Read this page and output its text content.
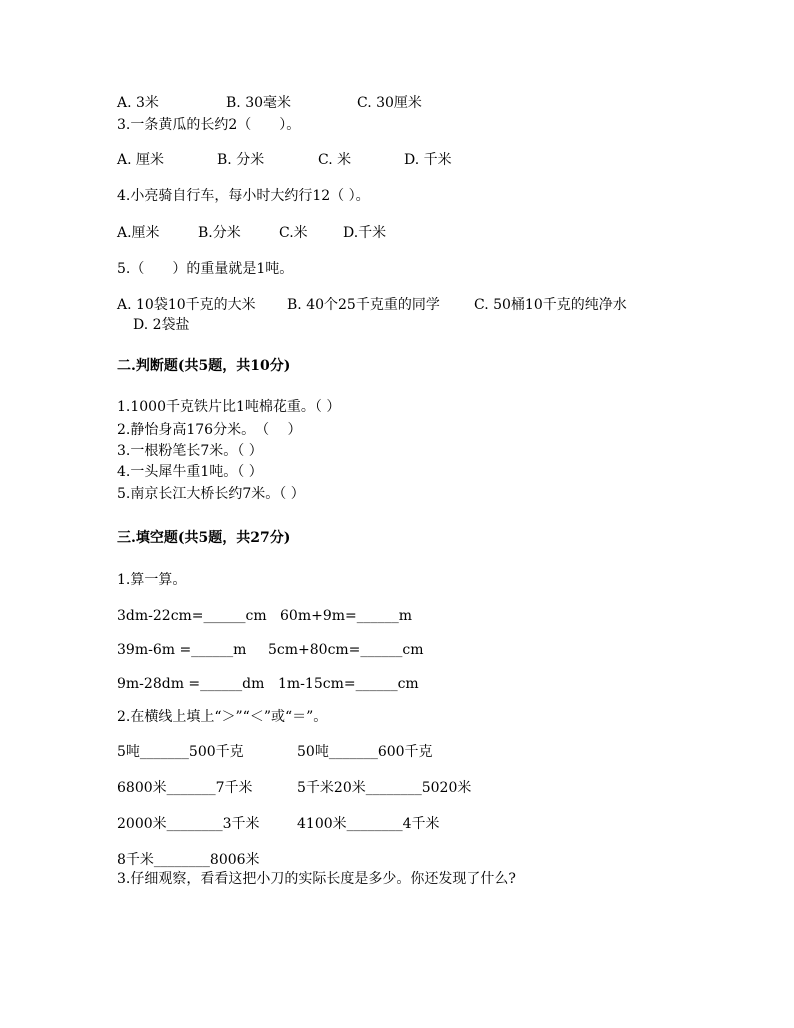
A. 3米	B. 30毫米	C. 30厘米
3.一条黄瓜的长约2（　　）。
A. 厘米	B. 分米	C. 米	D. 千米
4.小亮骑自行车，每小时大约行12（ ）。
A.厘米	B.分米	C.米	D.千米
5.（　　）的重量就是1吨。
A. 10袋10千克的大米 B. 40个25千克重的同学 C. 50桶10千克的纯净水
D. 2袋盐
二.判断题(共5题，共10分)
1.1000千克铁片比1吨棉花重。（ ）
2.静怡身高176分米。　（　 ）
3.一根粉笔长7米。（ ）
4.一头犀牛重1吨。（ ）
5.南京长江大桥长约7米。（ ）
三.填空题(共5题，共27分)
1.算一算。
3dm-22cm=______cm 60m+9m=______m
39m-6m =______m 5cm+80cm=______cm
9m-28dm =______dm 1m-15cm=______cm
2.在横线上填上“＞”“＜”或“＝”。
5吨_______500千克	50吨_______600千克
6800米_______7千米	5千米20米________5020米
2000米________3千米	4100米________4千米
8千米________8006米
3.仔细观察，看看这把小刀的实际长度是多少。你还发现了什么?
